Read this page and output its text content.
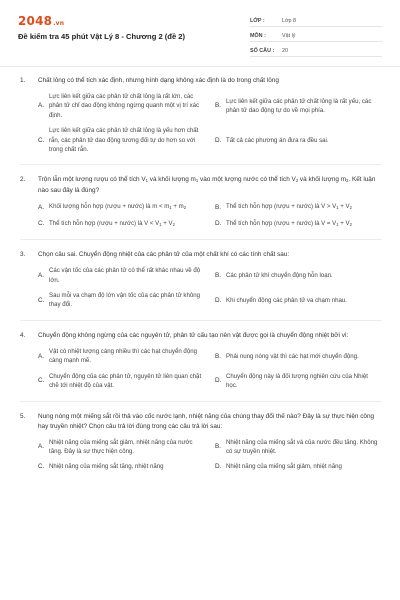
2048.vn
Đề kiểm tra 45 phút Vật Lý 8 - Chương 2 (đề 2)
LỚP :	Lớp 8
MÔN :	Vật lý
SỐ CÂU :	20
1.	Chất lỏng có thể tích xác định, nhưng hình dạng không xác định là do trong chất lỏng
A.
Lực liên kết giữa các phân tử chất lỏng là rất lớn, các phân tử chỉ dao động không ngừng quanh một vị trí xác định.
B.
Lực liên kết giữa các phân tử chất lỏng là rất yếu, các phân tử dao động tự do về mọi phía.
C.
Lực liên kết giữa các phân tử chất lỏng là yếu hơn chất rắn, các phân tử dao động tương đối tự do hơn so với trong chất rắn.
D. Tất cả các phương án đưa ra đều sai.
2.	Trộn lẫn một lượng rượu có thể tích $V_1$ và khối lượng $m_1$ vào một lượng nước có thể tích $V_2$ và khối lượng $m_2$. Kết luận nào sau đây là đúng?
A. Khối lượng hỗn hợp (rượu + nước) là $m < m_1 + m_2$	B. Thể tích hỗn hợp (rượu + nước) là $V > V_1 + V_2$
C. Thể tích hỗn hợp (rượu + nước) là $V < V_1 + V_2$	D. Thể tích hỗn hợp (rượu + nước) là $V = V_1 + V_2$
3.	Chọn câu sai. Chuyển động nhiệt của các phân tử của một chất khí có các tính chất sau:
A.
Các vận tốc của các phân tử có thể rất khác nhau về độ lớn.
B. Các phân tử khí chuyển động hỗn loạn.
C.
Sau mỗi va chạm độ lớn vận tốc của các phân tử không thay đổi.
D. Khi chuyển động các phân tử va chạm nhau.
4.	Chuyển động không ngừng của các nguyên tử, phân tử cấu tạo nên vật được gọi là chuyển động nhiệt bởi vì:
A.
Vật có nhiệt lượng càng nhiều thì các hạt chuyển động càng mạnh mẽ.
B. Phải nung nóng vật thì các hạt mới chuyển động.
C.
Chuyển động của các phân tử, nguyên tử liên quan chặt chẽ tới nhiệt độ của vật.
D.
Chuyển động này là đối tượng nghiên cứu của Nhiệt học.
5.	Nung nóng một miếng sắt rồi thả vào cốc nước lạnh, nhiệt năng của chúng thay đổi thế nào? Đây là sự thực hiện công hay truyền nhiệt? Chọn câu trả lời đúng trong các câu trả lời sau:
A.
Nhiệt năng của miếng sắt giảm, nhiệt năng của nước tăng. Đây là sự thực hiện công.
B.
Nhiệt năng của miếng sắt và của nước đều tăng. Không có sự truyền nhiệt.
C. Nhiệt năng của miếng sắt tăng, nhiệt năng	D. Nhiệt năng của miếng sắt giảm, nhiệt năng
